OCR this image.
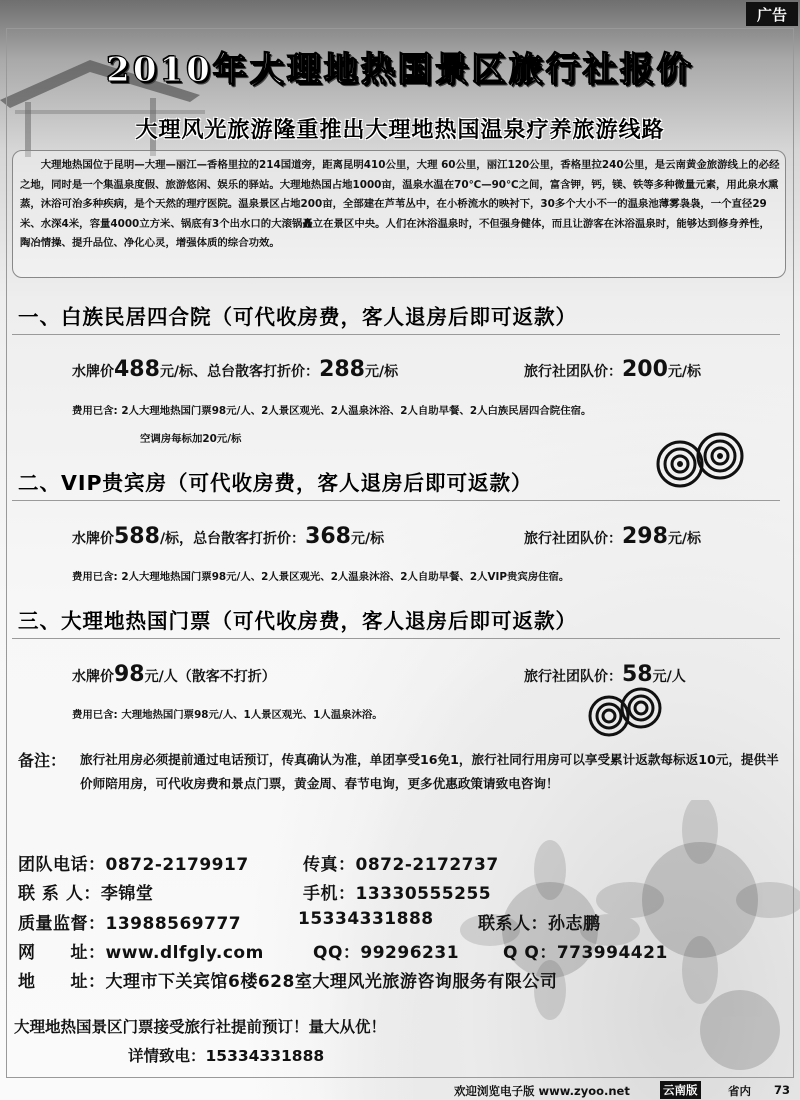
广告
2010年大理地热国景区旅行社报价
大理风光旅游隆重推出大理地热国温泉疗养旅游线路
大理地热国位于昆明—大理—丽江—香格里拉的214国道旁，距离昆明410公里，大理 60公里，丽江120公里，香格里拉240公里，是云南黄金旅游线上的必经之地，同时是一个集温泉度假、旅游悠闲、娱乐的驿站。大理地热国占地1000亩，温泉水温在70℃—90℃之间，富含钾，钙，镁、铁等多种微量元素，用此泉水熏蒸，沐浴可治多种疾病，是个天然的理疗医院。温泉景区占地200亩，全部建在芦苇丛中，在小桥流水的映衬下，30多个大小不一的温泉池薄雾袅袅，一个直径29米、水深4米，容量4000立方米、锅底有3个出水口的大滚锅矗立在景区中央。人们在沐浴温泉时，不但强身健体，而且让游客在沐浴温泉时，能够达到修身养性，陶冶情操、提升品位、净化心灵，增强体质的综合功效。
一、白族民居四合院（可代收房费，客人退房后即可返款）
水牌价488元/标、总台散客打折价：288元/标	旅行社团队价：200元/标
费用已含: 2人大理地热国门票98元/人、2人景区观光、2人温泉沐浴、2人自助早餐、2人白族民居四合院住宿。
空调房每标加20元/标
二、VIP贵宾房（可代收房费，客人退房后即可返款）
水牌价588/标，总台散客打折价：368元/标	旅行社团队价：298元/标
费用已含: 2人大理地热国门票98元/人、2人景区观光、2人温泉沐浴、2人自助早餐、2人VIP贵宾房住宿。
三、大理地热国门票（可代收房费，客人退房后即可返款）
水牌价98元/人（散客不打折）	旅行社团队价：58元/人
费用已含: 大理地热国门票98元/人、1人景区观光、1人温泉沐浴。
备注： 旅行社用房必须提前通过电话预订，传真确认为准，单团享受16免1，旅行社同行用房可以享受累计返款每标返10元，提供半价师陪用房，可代收房费和景点门票，黄金周、春节电询，更多优惠政策请致电咨询！
团队电话：0872-2179917	传真：0872-2172737
联 系 人：李锦堂	手机：13330555255
质量监督：13988569777	15334331888	联系人：孙志鹏
网　　址：www.dlfgly.com	QQ：99296231	Q Q：773994421
地　　址：大理市下关宾馆6楼628室大理风光旅游咨询服务有限公司
大理地热国景区门票接受旅行社提前预订！量大从优！
详情致电：15334331888
欢迎浏览电子版 www.zyoo.net	云南版	省内 73
